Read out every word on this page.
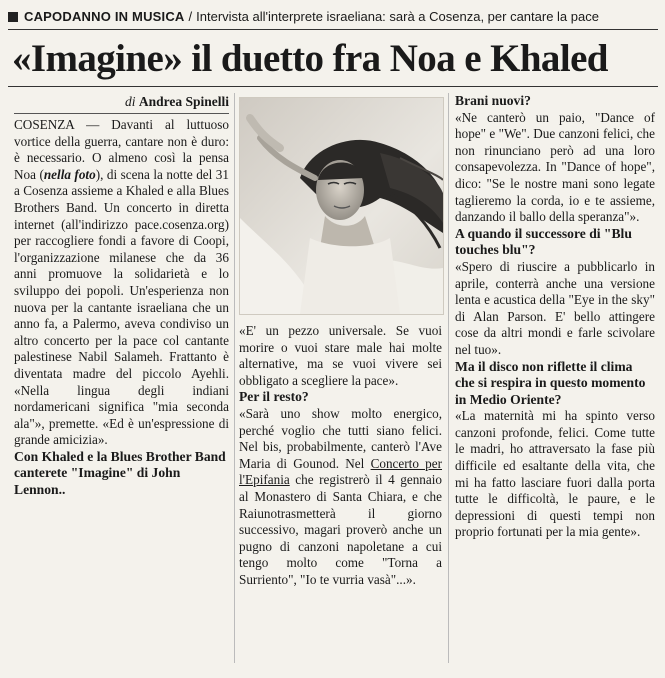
CAPODANNO IN MUSICA / Intervista all'interprete israeliana: sarà a Cosenza, per cantare la pace
«Imagine» il duetto fra Noa e Khaled
di Andrea Spinelli

COSENZA — Davanti al luttuoso vortice della guerra, cantare non è duro: è necessario. O almeno così la pensa Noa (nella foto), di scena la notte del 31 a Cosenza assieme a Khaled e alla Blues Brothers Band. Un concerto in diretta internet (all'indirizzo pace.cosenza.org) per raccogliere fondi a favore di Coopi, l'organizzazione milanese che da 36 anni promuove la solidarietà e lo sviluppo dei popoli. Un'esperienza non nuova per la cantante israeliana che un anno fa, a Palermo, aveva condiviso un altro concerto per la pace col cantante palestinese Nabil Salameh. Frattanto è diventata madre del piccolo Ayehli. «Nella lingua degli indiani nordamericani significa "mia seconda ala"», premette. «Ed è un'espressione di grande amicizia».

Con Khaled e la Blues Brother Band canterete "Imagine" di John Lennon..

«E' un pezzo universale. Se vuoi morire o vuoi stare male hai molte alternative, ma se vuoi vivere sei obbligato a scegliere la pace».

Per il resto?

«Sarà uno show molto energico, perché voglio che tutti siano felici. Nel bis, probabilmente, canterò l'Ave Maria di Gounod. Nel Concerto per l'Epifania che registrerò il 4 gennaio al Monastero di Santa Chiara, e che Raiunotrasmetterà il giorno successivo, magari proverò anche un pugno di canzoni napoletane a cui tengo molto come "Torna a Surriento", "Io te vurria vasà"...».

Brani nuovi?

«Ne canterò un paio, "Dance of hope" e "We". Due canzoni felici, che non rinunciano però ad una loro consapevolezza. In "Dance of hope", dico: "Se le nostre mani sono legate taglieremo la corda, io e te assieme, danzando il ballo della speranza"».

A quando il successore di "Blu touches blu"?

«Spero di riuscire a pubblicarlo in aprile, conterrà anche una versione lenta e acustica della "Eye in the sky" di Alan Parson. E' bello attingere cose da altri mondi e farle scivolare nel tuo».

Ma il disco non riflette il clima che si respira in questo momento in Medio Oriente?

«La maternità mi ha spinto verso canzoni profonde, felici. Come tutte le madri, ho attraversato la fase più difficile ed esaltante della vita, che mi ha fatto lasciare fuori dalla porta tutte le difficoltà, le paure, e le depressioni di questi tempi non proprio fortunati per la mia gente».
